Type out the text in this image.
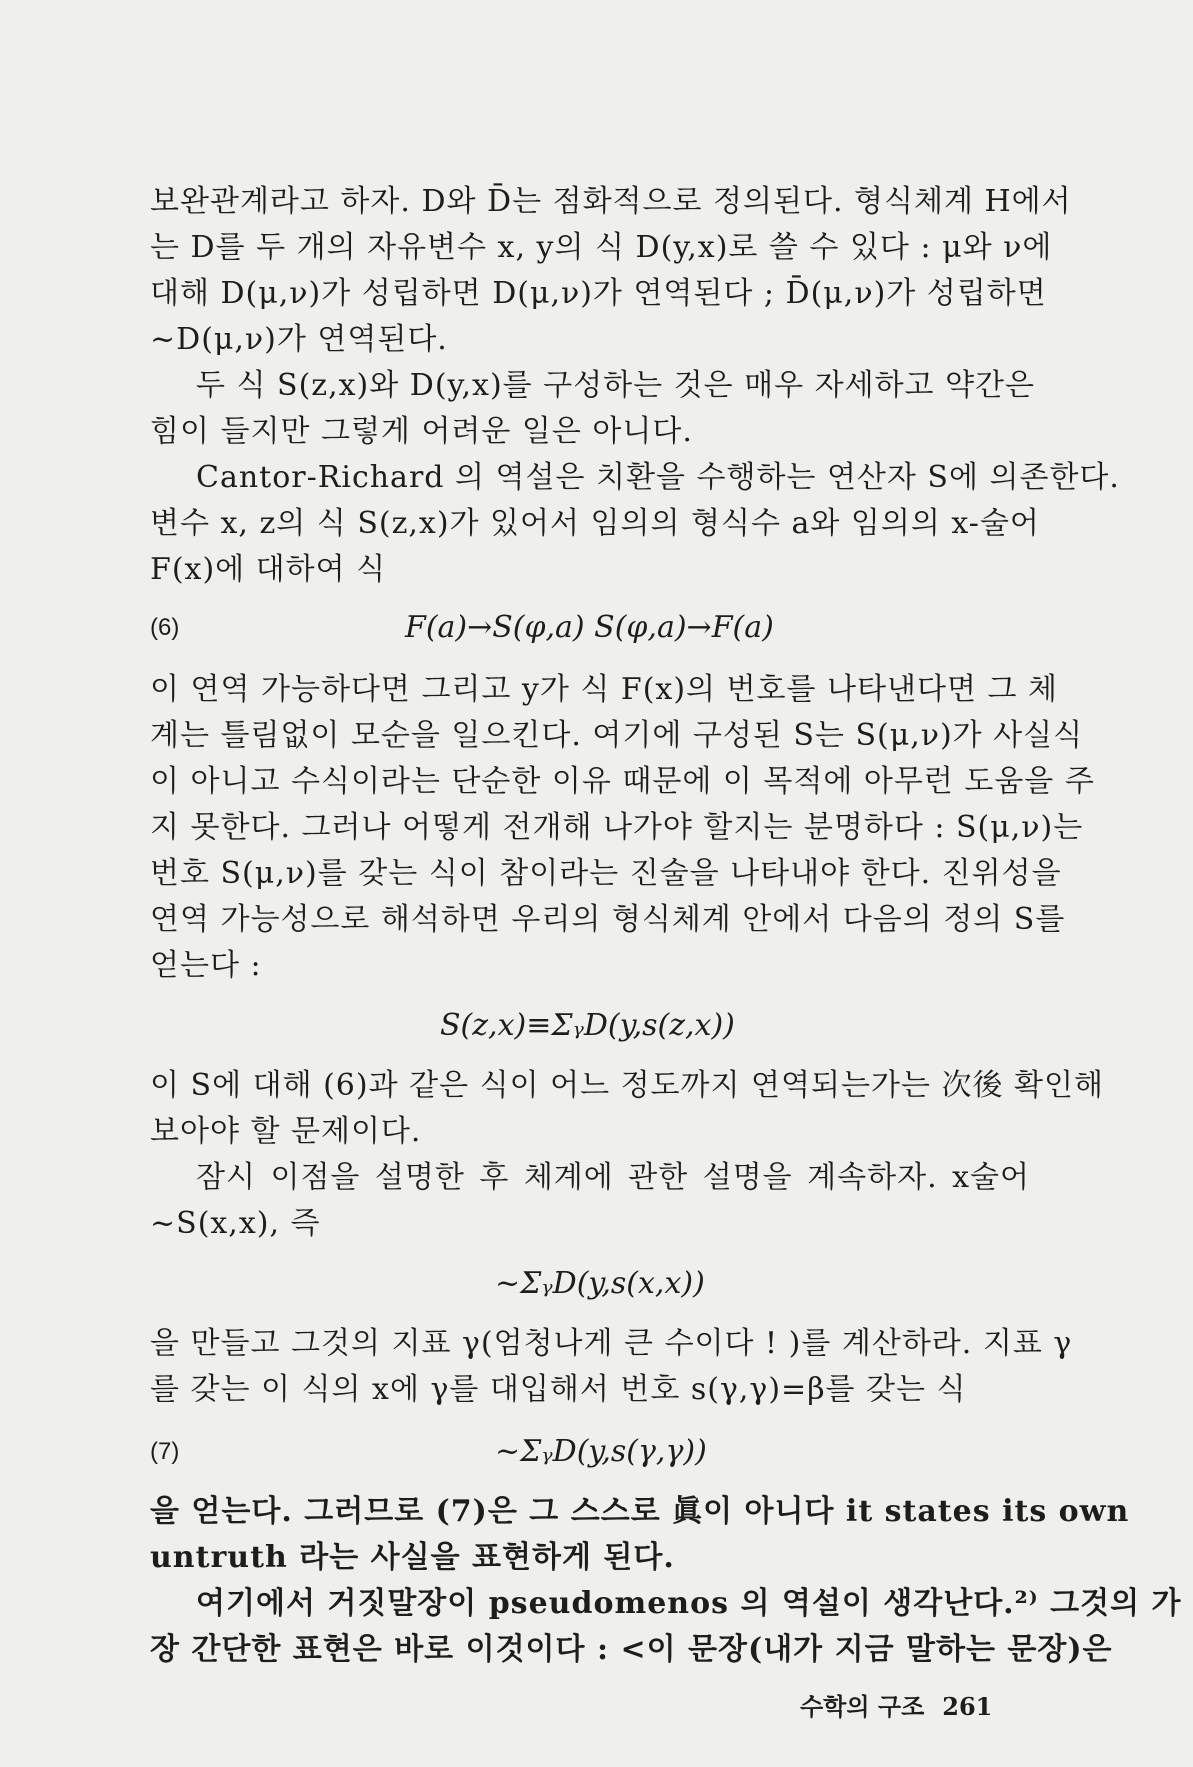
보완관계라고 하자. D와 D̄는 점화적으로 정의된다. 형식체계 H에서
는 D를 두 개의 자유변수 x, y의 식 D(y,x)로 쓸 수 있다 : μ와 ν에
대해 D(μ,ν)가 성립하면 D(μ,ν)가 연역된다 ; D̄(μ,ν)가 성립하면
~D(μ,ν)가 연역된다.
두 식 S(z,x)와 D(y,x)를 구성하는 것은 매우 자세하고 약간은
힘이 들지만 그렇게 어려운 일은 아니다.
Cantor-Richard 의 역설은 치환을 수행하는 연산자 S에 의존한다.
변수 x, z의 식 S(z,x)가 있어서 임의의 형식수 a와 임의의 x-술어
F(x)에 대하여 식
(6)	F(a)→S(φ,a) S(φ,a)→F(a)
이 연역 가능하다면 그리고 y가 식 F(x)의 번호를 나타낸다면 그 체
계는 틀림없이 모순을 일으킨다. 여기에 구성된 S는 S(μ,ν)가 사실식
이 아니고 수식이라는 단순한 이유 때문에 이 목적에 아무런 도움을 주
지 못한다. 그러나 어떻게 전개해 나가야 할지는 분명하다 : S(μ,ν)는
번호 S(μ,ν)를 갖는 식이 참이라는 진술을 나타내야 한다. 진위성을
연역 가능성으로 해석하면 우리의 형식체계 안에서 다음의 정의 S를
얻는다 :
S(z,x)≡ΣᵧD(y,s(z,x))
이 S에 대해 (6)과 같은 식이 어느 정도까지 연역되는가는 次後 확인해
보아야 할 문제이다.
잠시 이점을 설명한 후 체계에 관한 설명을 계속하자. x술어
~S(x,x), 즉
~ΣᵧD(y,s(x,x))
을 만들고 그것의 지표 γ(엄청나게 큰 수이다 ! )를 계산하라. 지표 γ
를 갖는 이 식의 x에 γ를 대입해서 번호 s(γ,γ)=β를 갖는 식
(7)	~ΣᵧD(y,s(γ,γ))
을 얻는다. 그러므로 (7)은 그 스스로 眞이 아니다 it states its own
untruth 라는 사실을 표현하게 된다.
수학의 구조 261
여기에서 거짓말장이 pseudomenos 의 역설이 생각난다.²⁾ 그것의 가
장 간단한 표현은 바로 이것이다 : <이 문장(내가 지금 말하는 문장)은
